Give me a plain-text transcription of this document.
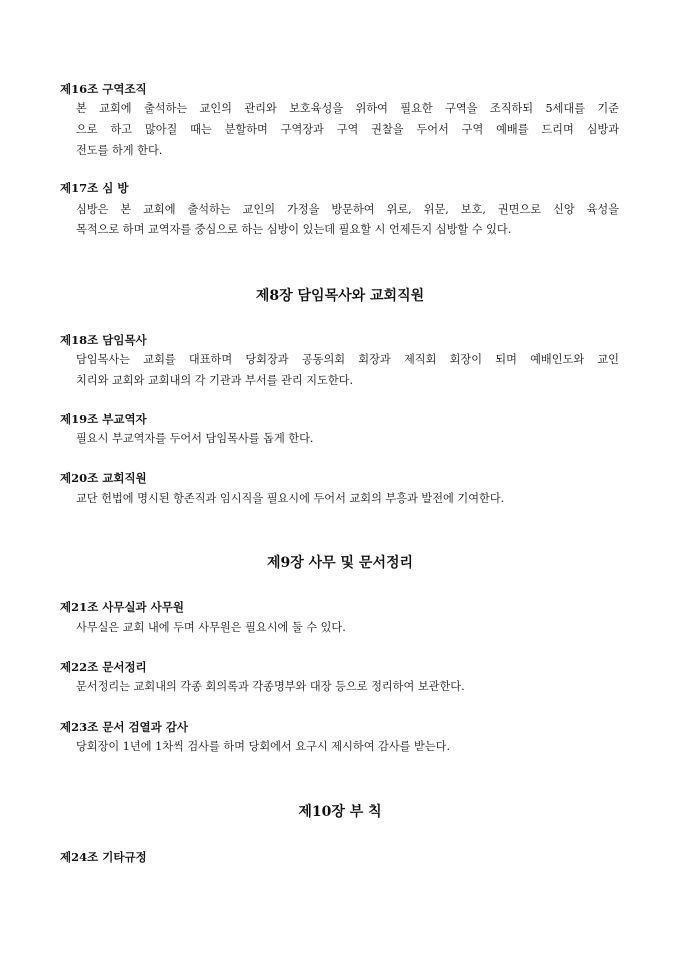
제16조 구역조직
본 교회에 출석하는 교인의 관리와 보호육성을 위하여 필요한 구역을 조직하되 5세대를 기준
으로 하고 많아질 때는 분할하며 구역장과 구역 권찰을 두어서 구역 예배를 드리며 심방과
전도를 하게 한다.
제17조 심 방
심방은 본 교회에 출석하는 교인의 가정을 방문하여 위로, 위문, 보호, 권면으로 신앙 육성을
목적으로 하며 교역자를 중심으로 하는 심방이 있는데 필요할 시 언제든지 심방할 수 있다.
제8장 담임목사와 교회직원
제18조 담임목사
담임목사는 교회를 대표하며 당회장과 공동의회 회장과 제직회 회장이 되며 예배인도와 교인
치리와 교회와 교회내의 각 기관과 부서를 관리 지도한다.
제19조 부교역자
필요시 부교역자를 두어서 담임목사를 돕게 한다.
제20조 교회직원
교단 헌법에 명시된 항존직과 임시직을 필요시에 두어서 교회의 부흥과 발전에 기여한다.
제9장 사무 및 문서정리
제21조 사무실과 사무원
사무실은 교회 내에 두며 사무원은 필요시에 둘 수 있다.
제22조 문서정리
문서정리는 교회내의 각종 회의록과 각종명부와 대장 등으로 정리하여 보관한다.
제23조 문서 검열과 감사
당회장이 1년에 1차씩 검사를 하며 당회에서 요구시 제시하여 감사를 받는다.
제10장 부 칙
제24조 기타규정
